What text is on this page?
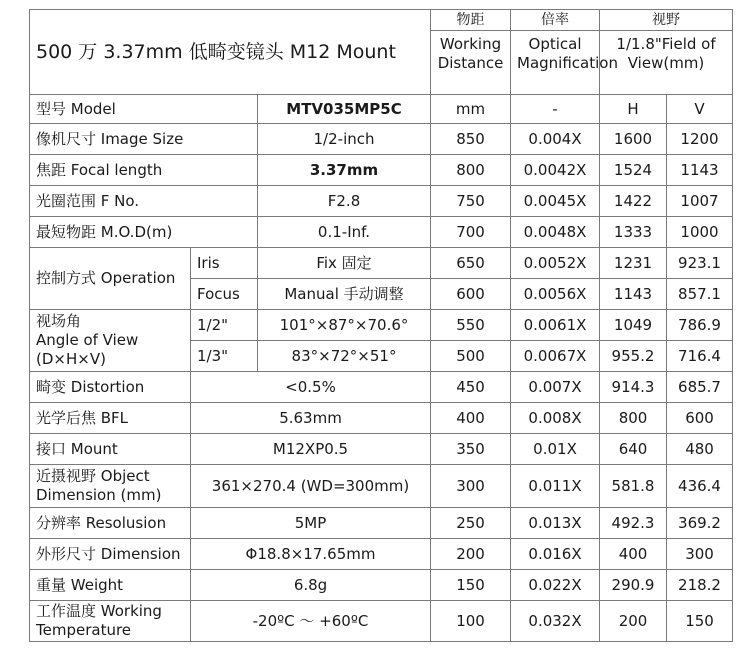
500 万 3.37mm 低畸变镜头 M12 Mount			物距	倍率	视野	
			Working Distance	Optical Magnification	1/1.8"Field of View(mm)	
型号 Model		MTV035MP5C	mm	-	H	V
像机尺寸 Image Size		1/2-inch	850	0.004X	1600	1200
焦距 Focal length		3.37mm	800	0.0042X	1524	1143
光圈范围 F No.		F2.8	750	0.0045X	1422	1007
最短物距 M.O.D(m)		0.1-Inf.	700	0.0048X	1333	1000
控制方式 Operation	Iris	Fix 固定	650	0.0052X	1231	923.1
	Focus	Manual 手动调整	600	0.0056X	1143	857.1
视场角
Angle of View
(D×H×V)	1/2"	101°×87°×70.6°	550	0.0061X	1049	786.9
	1/3"	83°×72°×51°	500	0.0067X	955.2	716.4
畸变 Distortion	<0.5%		450	0.007X	914.3	685.7
光学后焦 BFL	5.63mm		400	0.008X	800	600
接口 Mount	M12XP0.5		350	0.01X	640	480
近摄视野 Object
Dimension (mm)	361×270.4 (WD=300mm)		300	0.011X	581.8	436.4
分辨率 Resolusion	5MP		250	0.013X	492.3	369.2
外形尺寸 Dimension	Φ18.8×17.65mm		200	0.016X	400	300
重量 Weight	6.8g		150	0.022X	290.9	218.2
工作温度 Working
Temperature	-20ºC ～ +60ºC		100	0.032X	200	150
